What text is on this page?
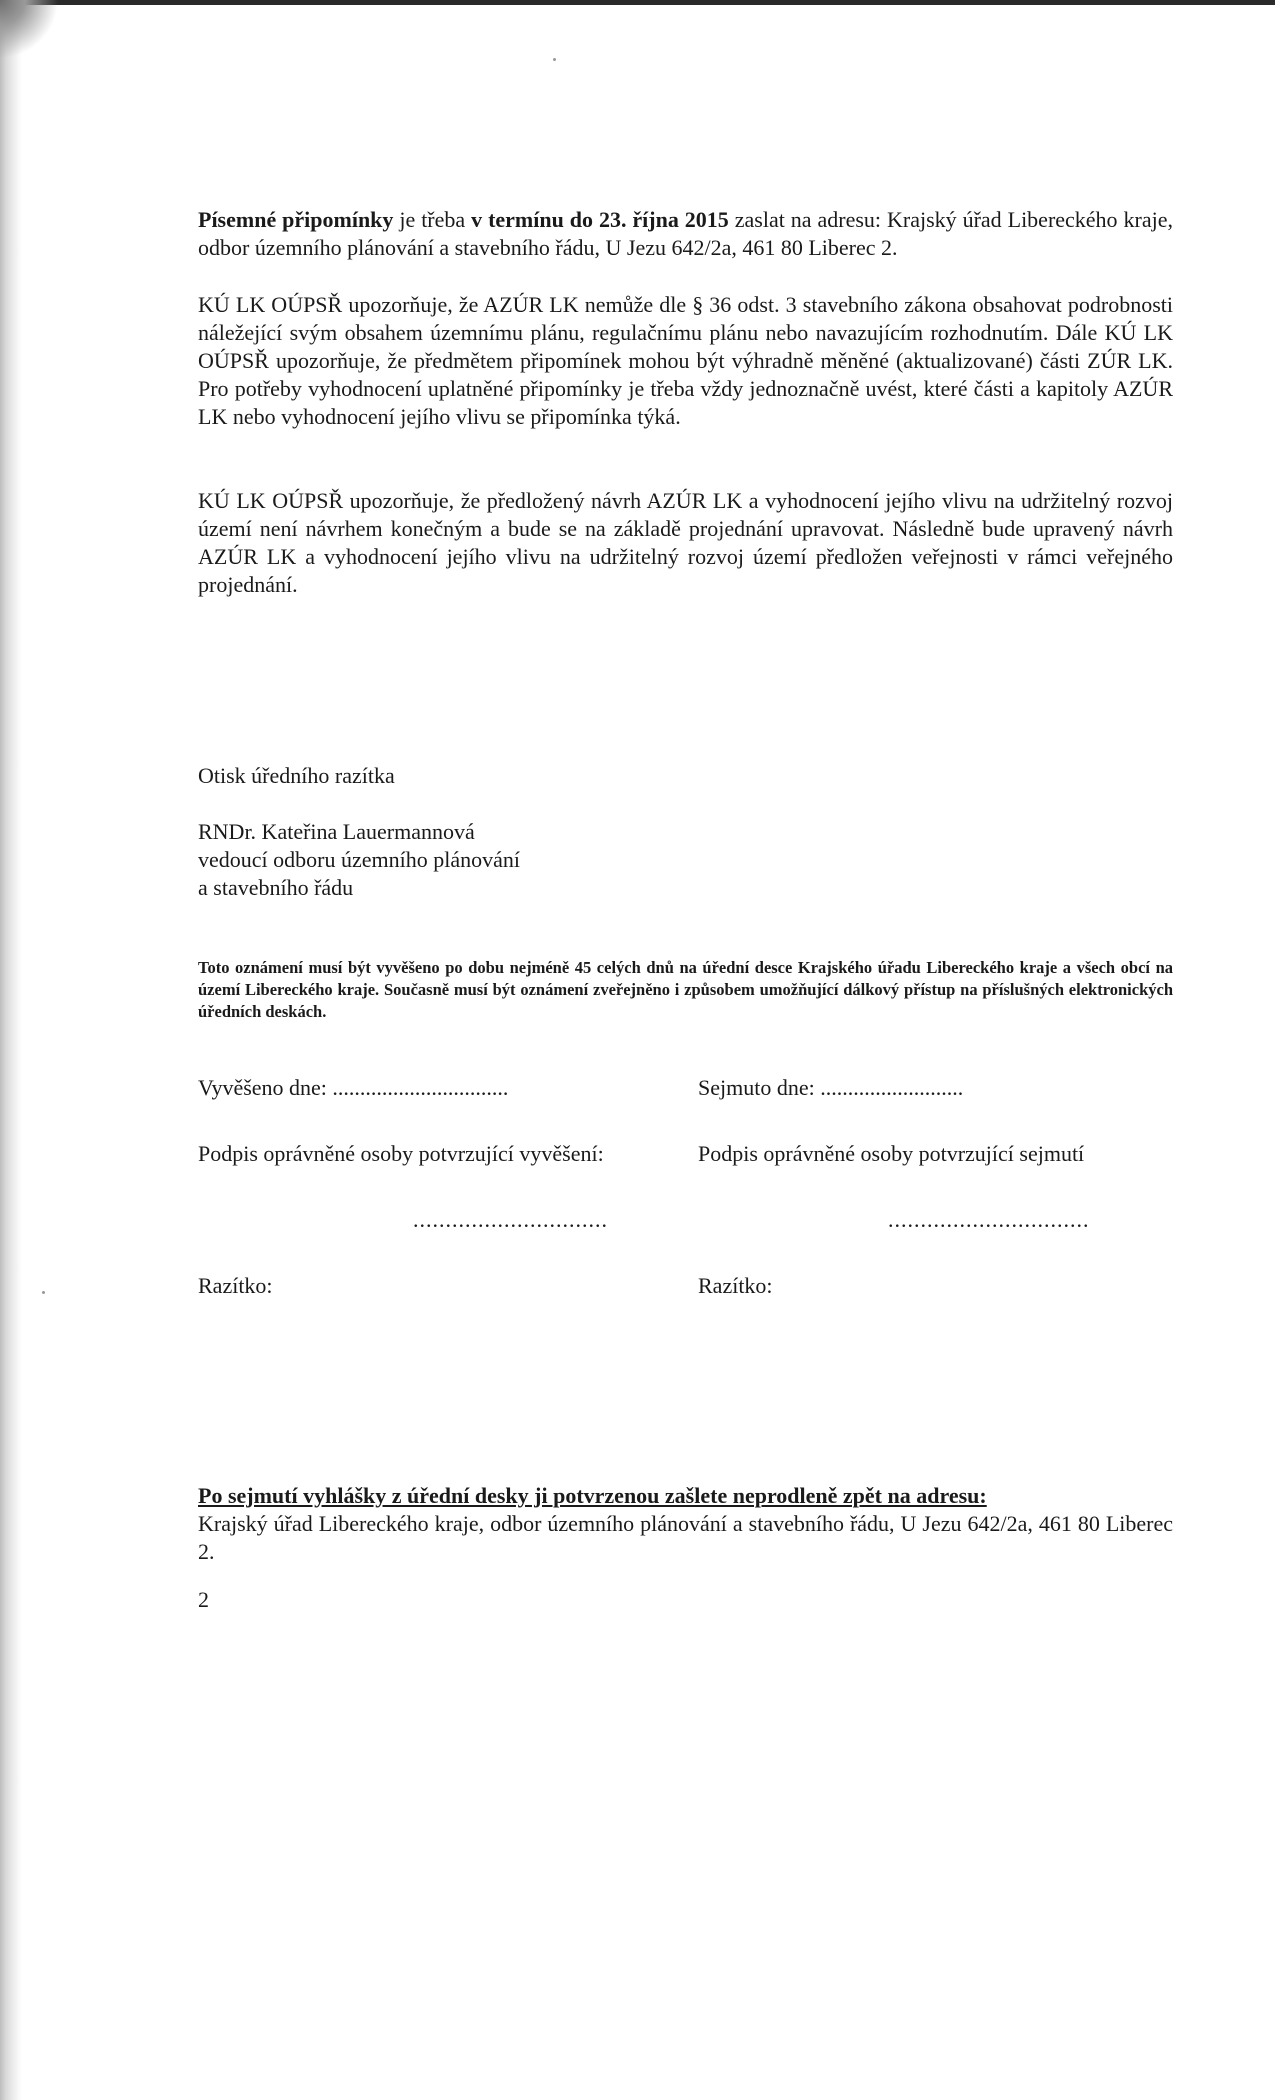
Písemné připomínky je třeba v termínu do 23. října 2015 zaslat na adresu: Krajský úřad Libereckého kraje, odbor územního plánování a stavebního řádu, U Jezu 642/2a, 461 80 Liberec 2.

KÚ LK OÚPSŘ upozorňuje, že AZÚR LK nemůže dle § 36 odst. 3 stavebního zákona obsahovat podrobnosti náležející svým obsahem územnímu plánu, regulačnímu plánu nebo navazujícím rozhodnutím. Dále KÚ LK OÚPSŘ upozorňuje, že předmětem připomínek mohou být výhradně měněné (aktualizované) části ZÚR LK. Pro potřeby vyhodnocení uplatněné připomínky je třeba vždy jednoznačně uvést, které části a kapitoly AZÚR LK nebo vyhodnocení jejího vlivu se připomínka týká.

KÚ LK OÚPSŘ upozorňuje, že předložený návrh AZÚR LK a vyhodnocení jejího vlivu na udržitelný rozvoj území není návrhem konečným a bude se na základě projednání upravovat. Následně bude upravený návrh AZÚR LK a vyhodnocení jejího vlivu na udržitelný rozvoj území předložen veřejnosti v rámci veřejného projednání.

Otisk úředního razítka
RNDr. Kateřina Lauermannová
vedoucí odboru územního plánování
a stavebního řádu

Toto oznámení musí být vyvěšeno po dobu nejméně 45 celých dnů na úřední desce Krajského úřadu Libereckého kraje a všech obcí na území Libereckého kraje. Současně musí být oznámení zveřejněno i způsobem umožňující dálkový přístup na příslušných elektronických úředních deskách.

Vyvěšeno dne: ................................	Sejmuto dne: ..........................
Podpis oprávněné osoby potvrzující vyvěšení:	Podpis oprávněné osoby potvrzující sejmutí
..............................	...............................
Razítko:	Razítko:
Po sejmutí vyhlášky z úřední desky ji potvrzenou zašlete neprodleně zpět na adresu:

Krajský úřad Libereckého kraje, odbor územního plánování a stavebního řádu, U Jezu 642/2a, 461 80 Liberec 2.

2
